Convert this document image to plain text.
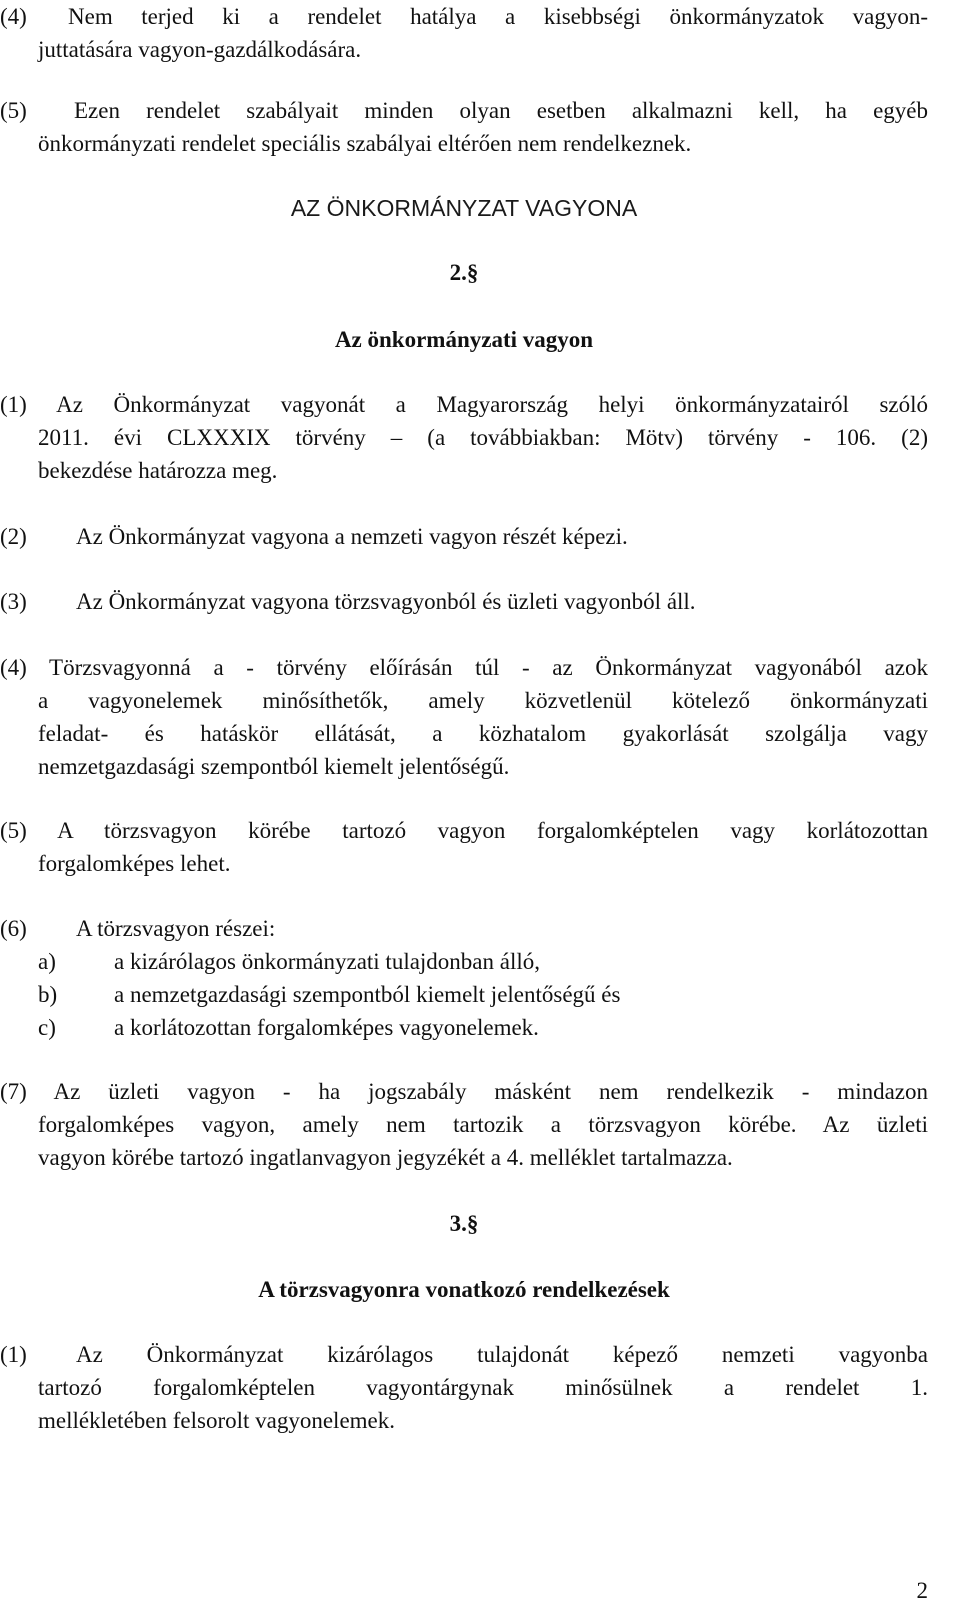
(4)	Nem terjed ki a rendelet hatálya a kisebbségi önkormányzatok vagyon-
juttatására vagyon-gazdálkodására.
(5)	Ezen rendelet szabályait minden olyan esetben alkalmazni kell, ha egyéb
önkormányzati rendelet speciális szabályai eltérően nem rendelkeznek.
AZ ÖNKORMÁNYZAT VAGYONA
2.§
Az önkormányzati vagyon
(1) Az Önkormányzat vagyonát a Magyarország helyi önkormányzatairól szóló
2011. évi CLXXXIX törvény – (a továbbiakban: Mötv) törvény - 106. (2)
bekezdése határozza meg.
(2)	Az Önkormányzat vagyona a nemzeti vagyon részét képezi.
(3)	Az Önkormányzat vagyona törzsvagyonból és üzleti vagyonból áll.
(4) Törzsvagyonná a - törvény előírásán túl - az Önkormányzat vagyonából azok
a vagyonelemek minősíthetők, amely közvetlenül kötelező önkormányzati
feladat- és hatáskör ellátását, a közhatalom gyakorlását szolgálja vagy
nemzetgazdasági szempontból kiemelt jelentőségű.
(5) A törzsvagyon körébe tartozó vagyon forgalomképtelen vagy korlátozottan
forgalomképes lehet.
(6)	A törzsvagyon részei:
a)	a kizárólagos önkormányzati tulajdonban álló,
b)	a nemzetgazdasági szempontból kiemelt jelentőségű és
c)	a korlátozottan forgalomképes vagyonelemek.
(7) Az üzleti vagyon - ha jogszabály másként nem rendelkezik - mindazon
forgalomképes vagyon, amely nem tartozik a törzsvagyon körébe. Az üzleti
vagyon körébe tartozó ingatlanvagyon jegyzékét a 4. melléklet tartalmazza.
3.§
A törzsvagyonra vonatkozó rendelkezések
(1)	Az Önkormányzat kizárólagos tulajdonát képező nemzeti vagyonba
tartozó forgalomképtelen vagyontárgynak minősülnek a rendelet 1.
mellékletében felsorolt vagyonelemek.
2
